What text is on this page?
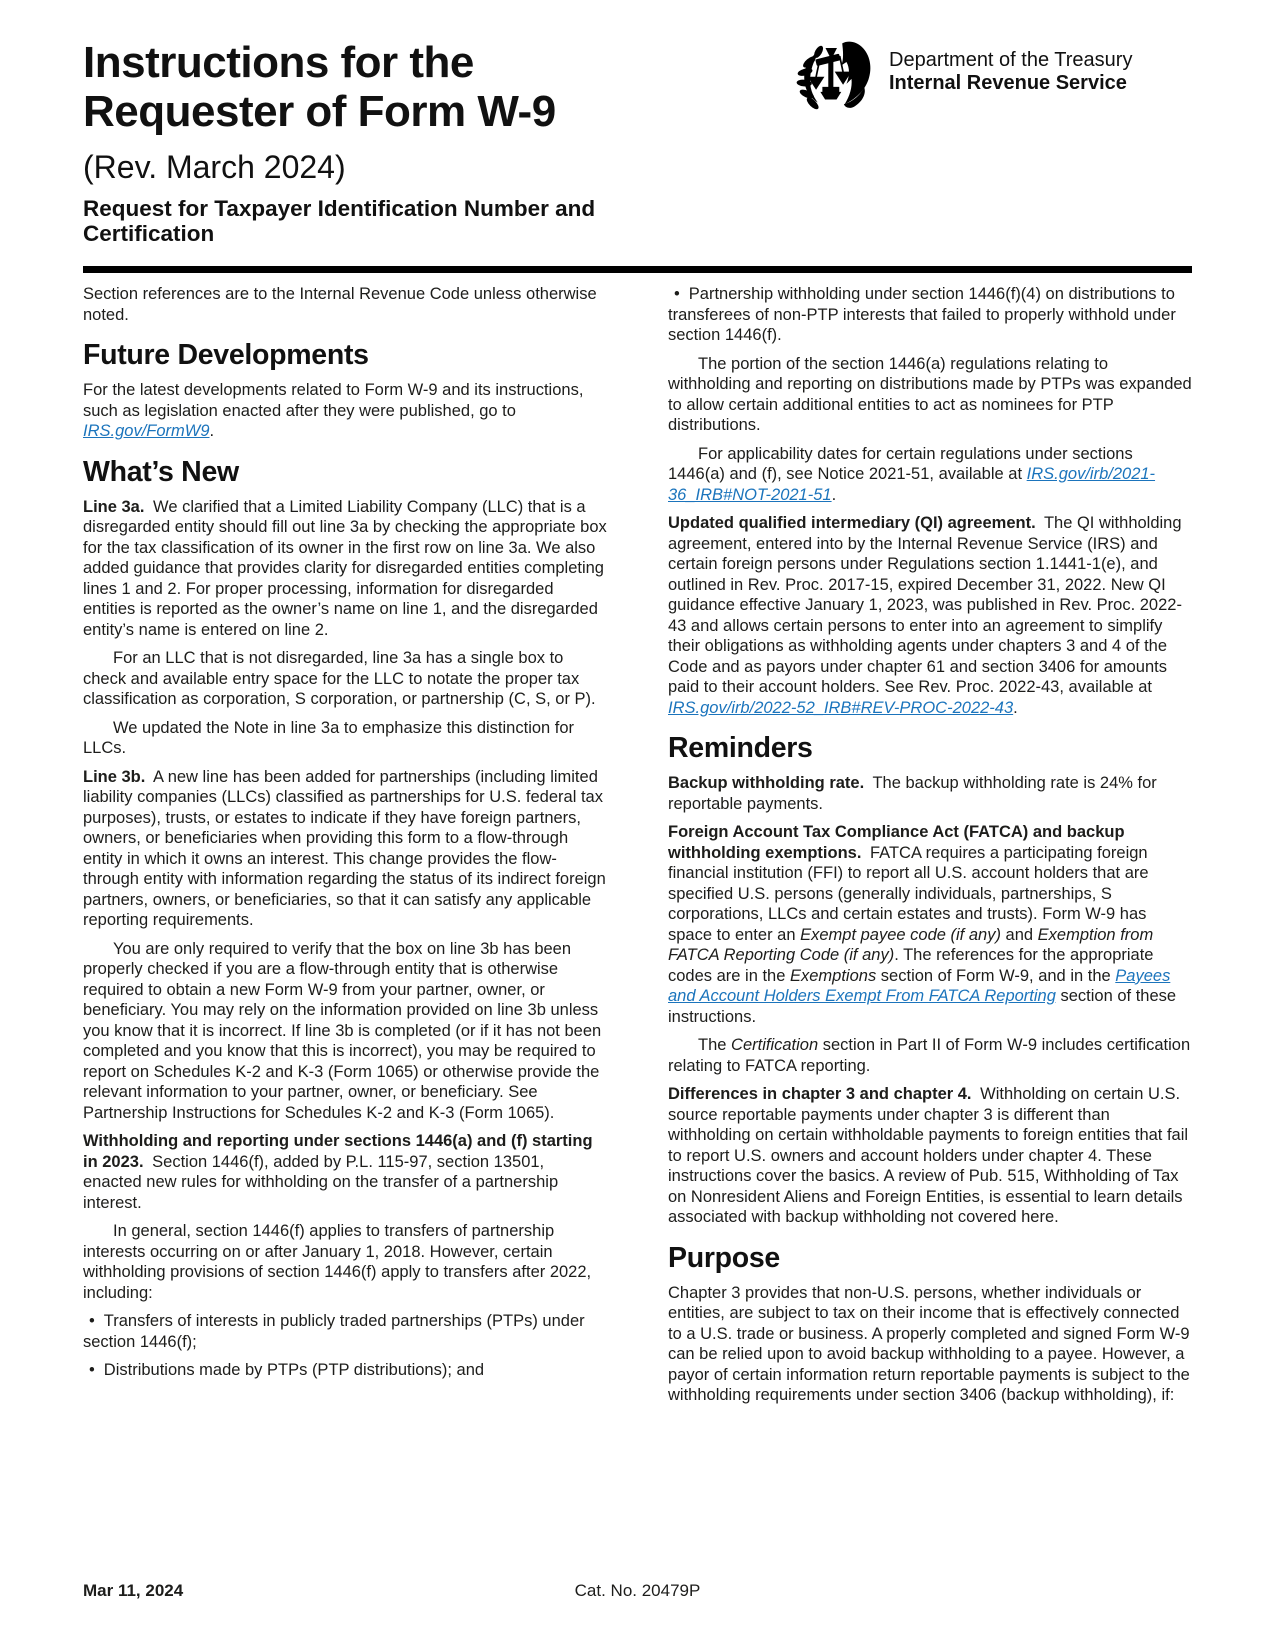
Instructions for the
Requester of Form W-9
(Rev. March 2024)
Request for Taxpayer Identification Number and Certification
Department of the Treasury
Internal Revenue Service

Section references are to the Internal Revenue Code unless otherwise noted.

Future Developments

For the latest developments related to Form W-9 and its instructions, such as legislation enacted after they were published, go to IRS.gov/FormW9.

What’s New

Line 3a. We clarified that a Limited Liability Company (LLC) that is a disregarded entity should fill out line 3a by checking the appropriate box for the tax classification of its owner in the first row on line 3a. We also added guidance that provides clarity for disregarded entities completing lines 1 and 2. For proper processing, information for disregarded entities is reported as the owner’s name on line 1, and the disregarded entity’s name is entered on line 2.

For an LLC that is not disregarded, line 3a has a single box to check and available entry space for the LLC to notate the proper tax classification as corporation, S corporation, or partnership (C, S, or P).

We updated the Note in line 3a to emphasize this distinction for LLCs.

Line 3b. A new line has been added for partnerships (including limited liability companies (LLCs) classified as partnerships for U.S. federal tax purposes), trusts, or estates to indicate if they have foreign partners, owners, or beneficiaries when providing this form to a flow-through entity in which it owns an interest. This change provides the flow-through entity with information regarding the status of its indirect foreign partners, owners, or beneficiaries, so that it can satisfy any applicable reporting requirements.

You are only required to verify that the box on line 3b has been properly checked if you are a flow-through entity that is otherwise required to obtain a new Form W-9 from your partner, owner, or beneficiary. You may rely on the information provided on line 3b unless you know that it is incorrect. If line 3b is completed (or if it has not been completed and you know that this is incorrect), you may be required to report on Schedules K-2 and K-3 (Form 1065) or otherwise provide the relevant information to your partner, owner, or beneficiary. See Partnership Instructions for Schedules K-2 and K-3 (Form 1065).

Withholding and reporting under sections 1446(a) and (f) starting in 2023. Section 1446(f), added by P.L. 115-97, section 13501, enacted new rules for withholding on the transfer of a partnership interest.

In general, section 1446(f) applies to transfers of partnership interests occurring on or after January 1, 2018. However, certain withholding provisions of section 1446(f) apply to transfers after 2022, including:

• Transfers of interests in publicly traded partnerships (PTPs) under section 1446(f);

• Distributions made by PTPs (PTP distributions); and

• Partnership withholding under section 1446(f)(4) on distributions to transferees of non-PTP interests that failed to properly withhold under section 1446(f).

The portion of the section 1446(a) regulations relating to withholding and reporting on distributions made by PTPs was expanded to allow certain additional entities to act as nominees for PTP distributions.

For applicability dates for certain regulations under sections 1446(a) and (f), see Notice 2021-51, available at IRS.gov/irb/2021-36_IRB#NOT-2021-51.

Updated qualified intermediary (QI) agreement. The QI withholding agreement, entered into by the Internal Revenue Service (IRS) and certain foreign persons under Regulations section 1.1441-1(e), and outlined in Rev. Proc. 2017-15, expired December 31, 2022. New QI guidance effective January 1, 2023, was published in Rev. Proc. 2022-43 and allows certain persons to enter into an agreement to simplify their obligations as withholding agents under chapters 3 and 4 of the Code and as payors under chapter 61 and section 3406 for amounts paid to their account holders. See Rev. Proc. 2022-43, available at IRS.gov/irb/2022-52_IRB#REV-PROC-2022-43.

Reminders

Backup withholding rate. The backup withholding rate is 24% for reportable payments.

Foreign Account Tax Compliance Act (FATCA) and backup withholding exemptions. FATCA requires a participating foreign financial institution (FFI) to report all U.S. account holders that are specified U.S. persons (generally individuals, partnerships, S corporations, LLCs and certain estates and trusts). Form W-9 has space to enter an Exempt payee code (if any) and Exemption from FATCA Reporting Code (if any). The references for the appropriate codes are in the Exemptions section of Form W-9, and in the Payees and Account Holders Exempt From FATCA Reporting section of these instructions.

The Certification section in Part II of Form W-9 includes certification relating to FATCA reporting.

Differences in chapter 3 and chapter 4. Withholding on certain U.S. source reportable payments under chapter 3 is different than withholding on certain withholdable payments to foreign entities that fail to report U.S. owners and account holders under chapter 4. These instructions cover the basics. A review of Pub. 515, Withholding of Tax on Nonresident Aliens and Foreign Entities, is essential to learn details associated with backup withholding not covered here.

Purpose

Chapter 3 provides that non-U.S. persons, whether individuals or entities, are subject to tax on their income that is effectively connected to a U.S. trade or business. A properly completed and signed Form W-9 can be relied upon to avoid backup withholding to a payee. However, a payor of certain information return reportable payments is subject to the withholding requirements under section 3406 (backup withholding), if:

Mar 11, 2024	Cat. No. 20479P
